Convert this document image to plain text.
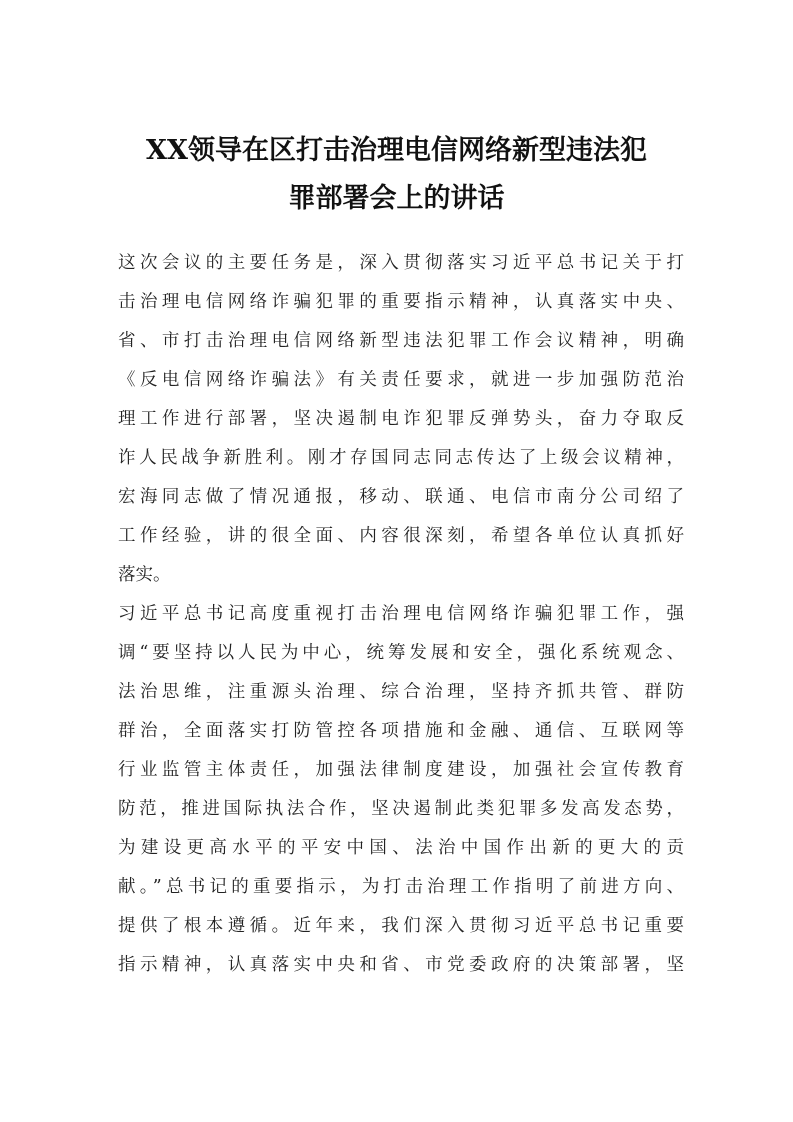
XX领导在区打击治理电信网络新型违法犯
罪部署会上的讲话
这次会议的主要任务是，深入贯彻落实习近平总书记关于打
击治理电信网络诈骗犯罪的重要指示精神，认真落实中央、
省、市打击治理电信网络新型违法犯罪工作会议精神，明确
《反电信网络诈骗法》有关责任要求，就进一步加强防范治
理工作进行部署，坚决遏制电诈犯罪反弹势头，奋力夺取反
诈人民战争新胜利。刚才存国同志同志传达了上级会议精神，
宏海同志做了情况通报，移动、联通、电信市南分公司绍了
工作经验，讲的很全面、内容很深刻，希望各单位认真抓好
落实。
习近平总书记高度重视打击治理电信网络诈骗犯罪工作，强
调“要坚持以人民为中心，统筹发展和安全，强化系统观念、
法治思维，注重源头治理、综合治理，坚持齐抓共管、群防
群治，全面落实打防管控各项措施和金融、通信、互联网等
行业监管主体责任，加强法律制度建设，加强社会宣传教育
防范，推进国际执法合作，坚决遏制此类犯罪多发高发态势，
为建设更高水平的平安中国、法治中国作出新的更大的贡
献。”总书记的重要指示，为打击治理工作指明了前进方向、
提供了根本遵循。近年来，我们深入贯彻习近平总书记重要
指示精神，认真落实中央和省、市党委政府的决策部署，坚
